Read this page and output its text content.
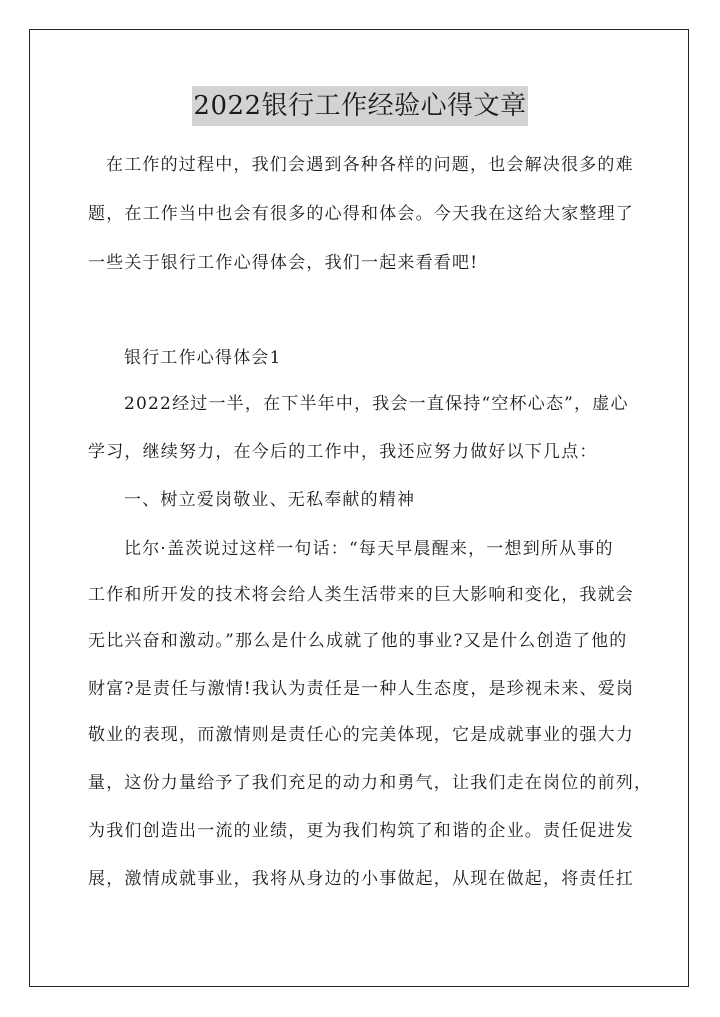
2022银行工作经验心得文章
在工作的过程中，我们会遇到各种各样的问题，也会解决很多的难
题，在工作当中也会有很多的心得和体会。今天我在这给大家整理了
一些关于银行工作心得体会，我们一起来看看吧!
银行工作心得体会1
2022经过一半，在下半年中，我会一直保持“空杯心态”，虚心
学习，继续努力，在今后的工作中，我还应努力做好以下几点：
一、树立爱岗敬业、无私奉献的精神
比尔·盖茨说过这样一句话：“每天早晨醒来，一想到所从事的
工作和所开发的技术将会给人类生活带来的巨大影响和变化，我就会
无比兴奋和激动。”那么是什么成就了他的事业?又是什么创造了他的
财富?是责任与激情!我认为责任是一种人生态度，是珍视未来、爱岗
敬业的表现，而激情则是责任心的完美体现，它是成就事业的强大力
量，这份力量给予了我们充足的动力和勇气，让我们走在岗位的前列，
为我们创造出一流的业绩，更为我们构筑了和谐的企业。责任促进发
展，激情成就事业，我将从身边的小事做起，从现在做起，将责任扛
